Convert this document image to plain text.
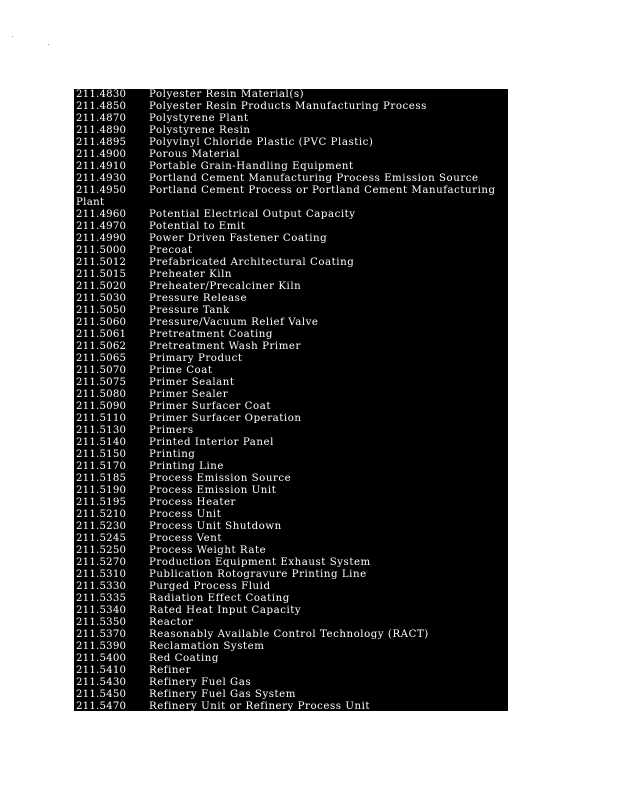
211.4830	Polyester Resin Material(s)
211.4850	Polyester Resin Products Manufacturing Process
211.4870	Polystyrene Plant
211.4890	Polystyrene Resin
211.4895	Polyvinyl Chloride Plastic (PVC Plastic)
211.4900	Porous Material
211.4910	Portable Grain-Handling Equipment
211.4930	Portland Cement Manufacturing Process Emission Source
211.4950	Portland Cement Process or Portland Cement Manufacturing
Plant
211.4960	Potential Electrical Output Capacity
211.4970	Potential to Emit
211.4990	Power Driven Fastener Coating
211.5000	Precoat
211.5012	Prefabricated Architectural Coating
211.5015	Preheater Kiln
211.5020	Preheater/Precalciner Kiln
211.5030	Pressure Release
211.5050	Pressure Tank
211.5060	Pressure/Vacuum Relief Valve
211.5061	Pretreatment Coating
211.5062	Pretreatment Wash Primer
211.5065	Primary Product
211.5070	Prime Coat
211.5075	Primer Sealant
211.5080	Primer Sealer
211.5090	Primer Surfacer Coat
211.5110	Primer Surfacer Operation
211.5130	Primers
211.5140	Printed Interior Panel
211.5150	Printing
211.5170	Printing Line
211.5185	Process Emission Source
211.5190	Process Emission Unit
211.5195	Process Heater
211.5210	Process Unit
211.5230	Process Unit Shutdown
211.5245	Process Vent
211.5250	Process Weight Rate
211.5270	Production Equipment Exhaust System
211.5310	Publication Rotogravure Printing Line
211.5330	Purged Process Fluid
211.5335	Radiation Effect Coating
211.5340	Rated Heat Input Capacity
211.5350	Reactor
211.5370	Reasonably Available Control Technology (RACT)
211.5390	Reclamation System
211.5400	Red Coating
211.5410	Refiner
211.5430	Refinery Fuel Gas
211.5450	Refinery Fuel Gas System
211.5470	Refinery Unit or Refinery Process Unit
